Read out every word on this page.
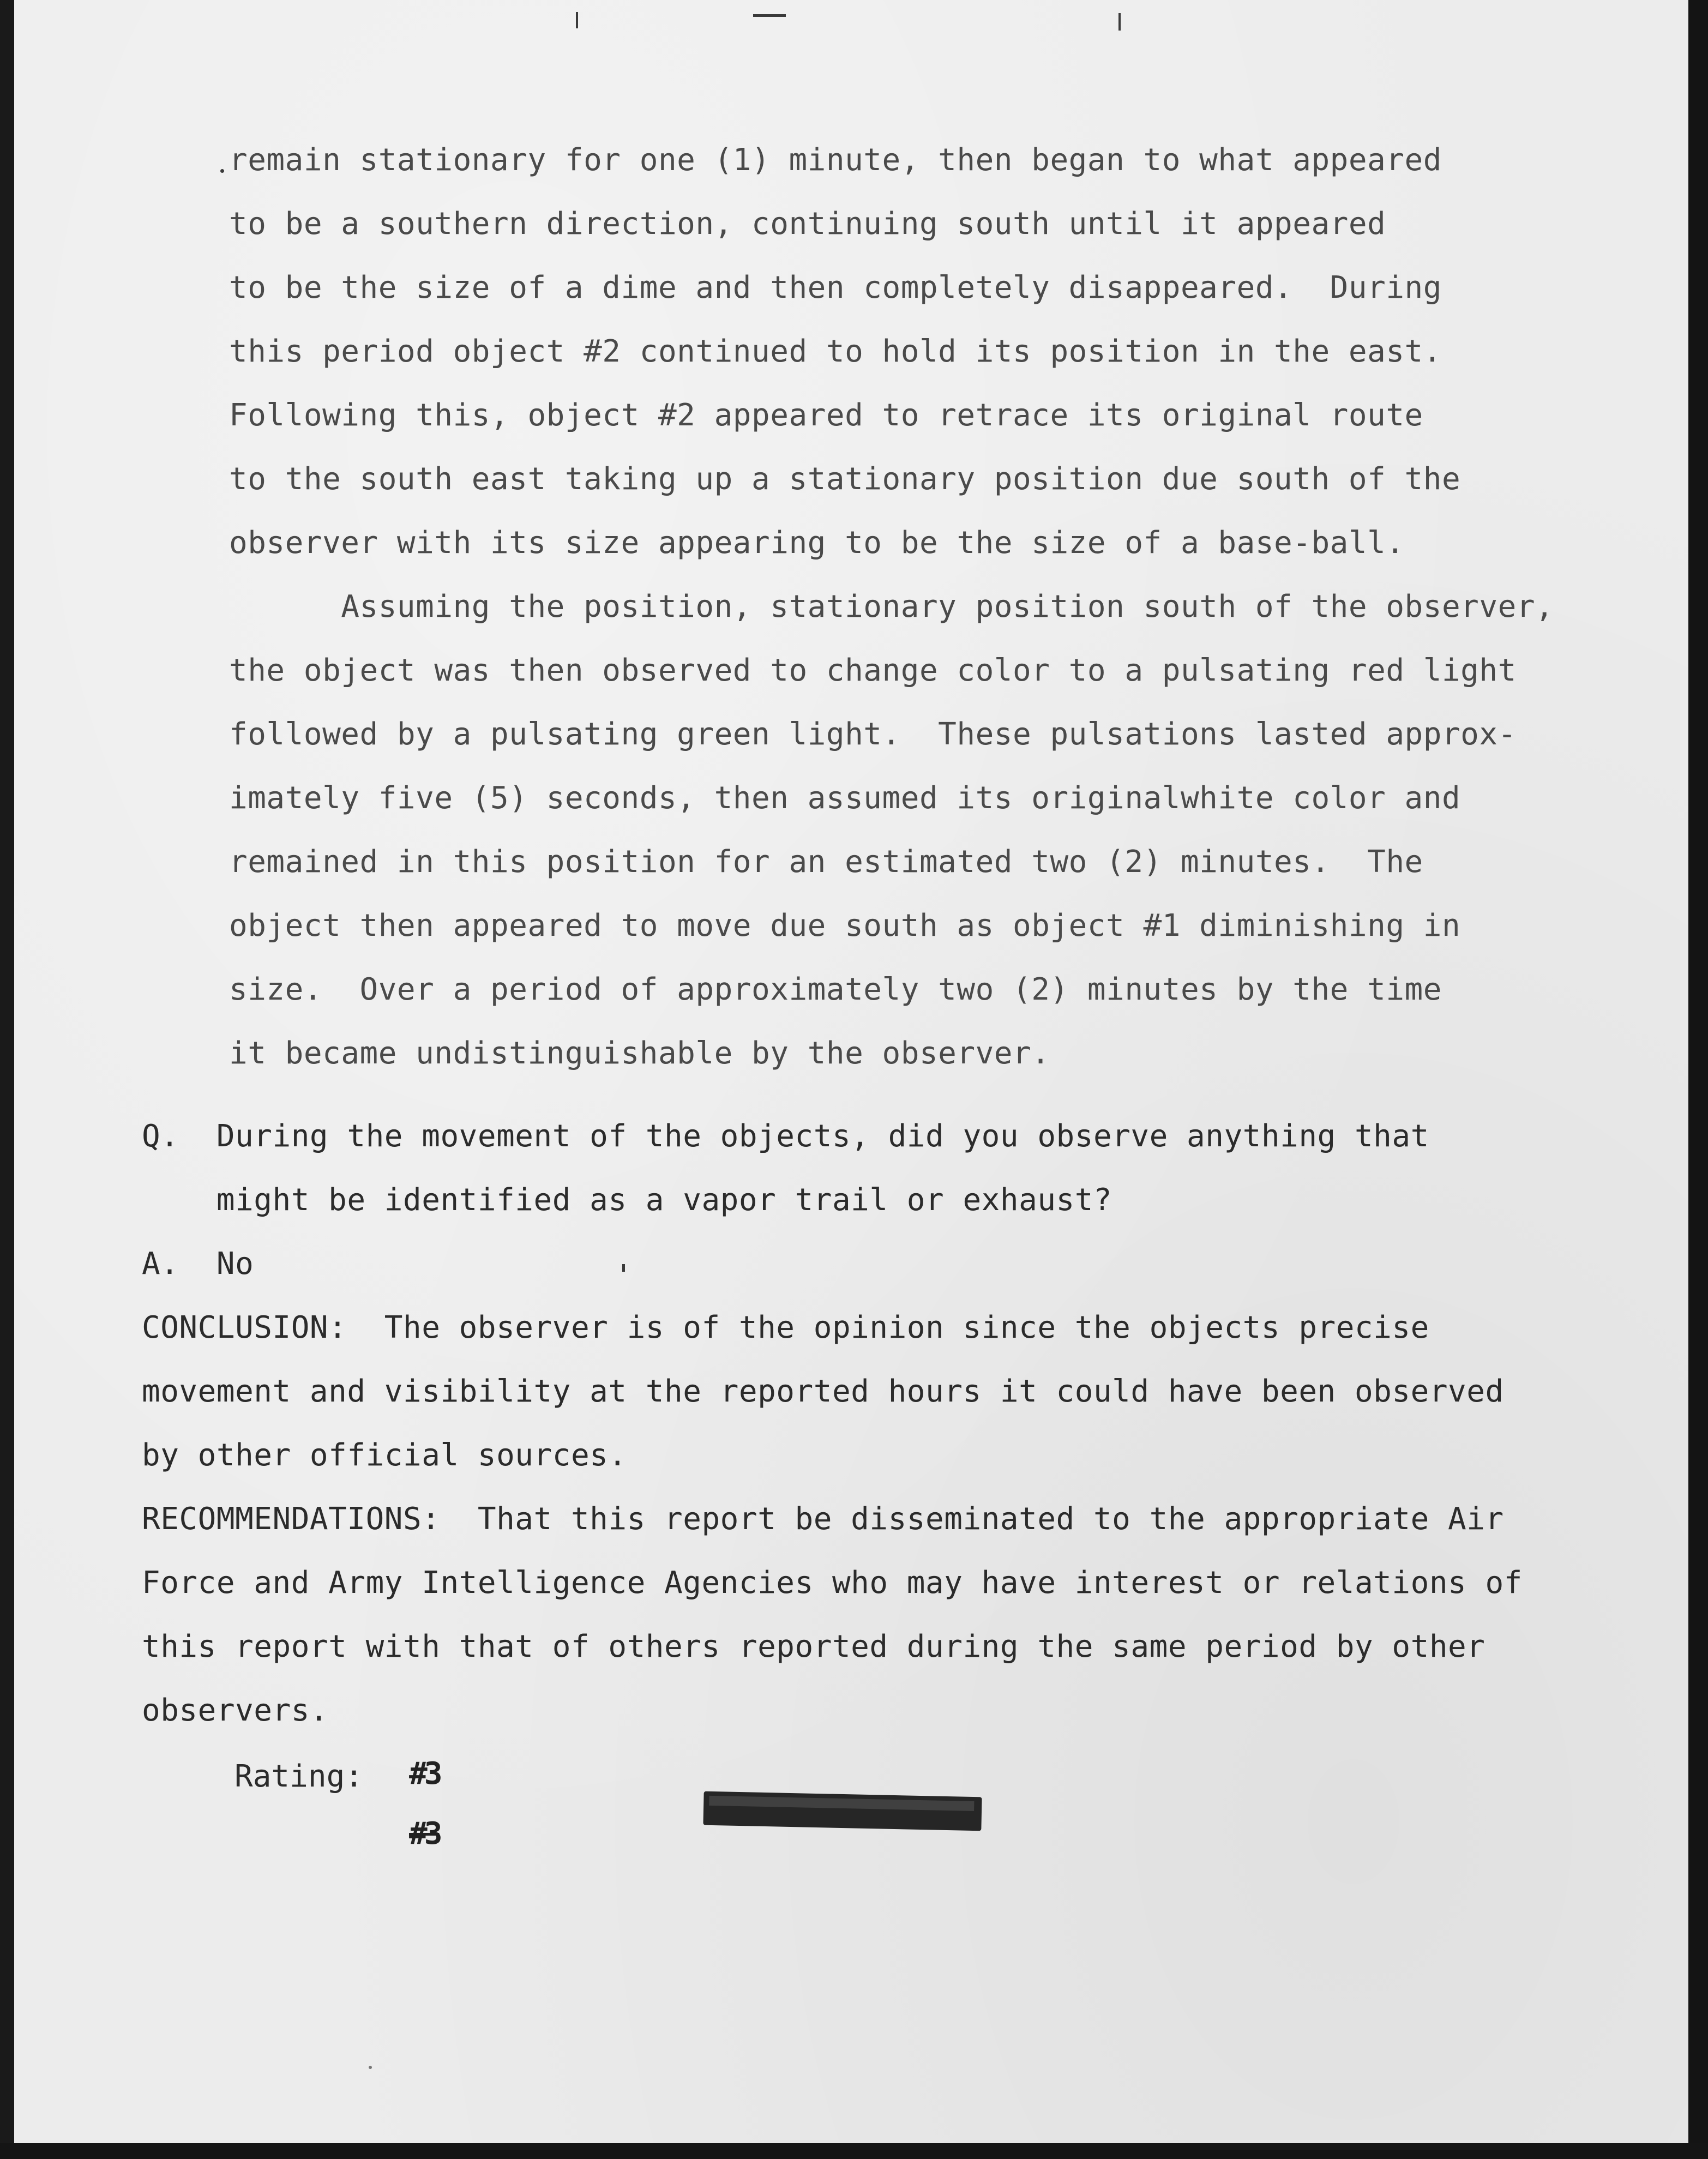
remain stationary for one (1) minute, then began to what appeared
to be a southern direction, continuing south until it appeared
to be the size of a dime and then completely disappeared.  During
this period object #2 continued to hold its position in the east.
Following this, object #2 appeared to retrace its original route
to the south east taking up a stationary position due south of the
observer with its size appearing to be the size of a base-ball.
Assuming the position, stationary position south of the observer,
the object was then observed to change color to a pulsating red light
followed by a pulsating green light.  These pulsations lasted approx-
imately five (5) seconds, then assumed its originalwhite color and
remained in this position for an estimated two (2) minutes.  The
object then appeared to move due south as object #1 diminishing in
size.  Over a period of approximately two (2) minutes by the time
it became undistinguishable by the observer.
Q.  During the movement of the objects, did you observe anything that
might be identified as a vapor trail or exhaust?
A.  No
CONCLUSION:  The observer is of the opinion since the objects precise
movement and visibility at the reported hours it could have been observed
by other official sources.
RECOMMENDATIONS:  That this report be disseminated to the appropriate Air
Force and Army Intelligence Agencies who may have interest or relations of
this report with that of others reported during the same period by other
observers.
Rating: #3
#3
